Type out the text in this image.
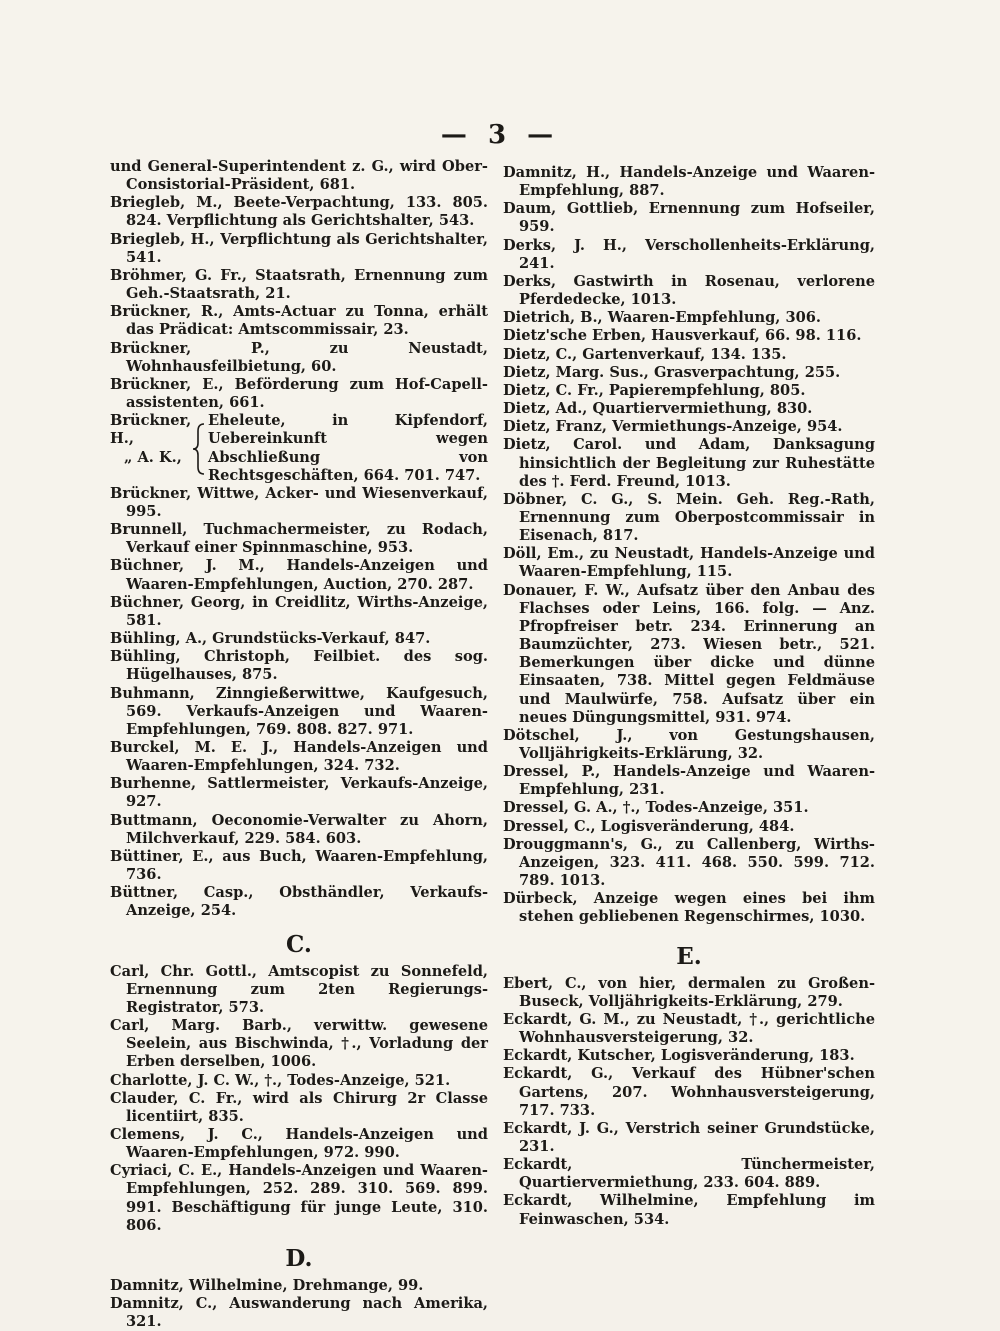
— 3 —

und General-Superintendent z. G., wird Ober-Consistorial-Präsident, 681.

Briegleb, M., Beete-Verpachtung, 133. 805. 824. Verpflichtung als Gerichtshalter, 543.

Briegleb, H., Verpflichtung als Gerichtshalter, 541.

Bröhmer, G. Fr., Staatsrath, Ernennung zum Geh.-Staatsrath, 21.

Brückner, R., Amts-Actuar zu Tonna, erhält das Prädicat: Amtscommissair, 23.

Brückner, P., zu Neustadt, Wohnhausfeilbietung, 60.

Brückner, E., Beförderung zum Hof-Capell-assistenten, 661.

Brückner, H.,
„ A. K.,
Eheleute, in Kipfendorf, Uebereinkunft wegen Abschließung von Rechtsgeschäften, 664. 701. 747.

Brückner, Wittwe, Acker- und Wiesenverkauf, 995.

Brunnell, Tuchmachermeister, zu Rodach, Verkauf einer Spinnmaschine, 953.

Büchner, J. M., Handels-Anzeigen und Waaren-Empfehlungen, Auction, 270. 287.

Büchner, Georg, in Creidlitz, Wirths-Anzeige, 581.

Bühling, A., Grundstücks-Verkauf, 847.

Bühling, Christoph, Feilbiet. des sog. Hügelhauses, 875.

Buhmann, Zinngießerwittwe, Kaufgesuch, 569. Verkaufs-Anzeigen und Waaren-Empfehlungen, 769. 808. 827. 971.

Burckel, M. E. J., Handels-Anzeigen und Waaren-Empfehlungen, 324. 732.

Burhenne, Sattlermeister, Verkaufs-Anzeige, 927.

Buttmann, Oeconomie-Verwalter zu Ahorn, Milchverkauf, 229. 584. 603.

Büttiner, E., aus Buch, Waaren-Empfehlung, 736.

Büttner, Casp., Obsthändler, Verkaufs-Anzeige, 254.

C.

Carl, Chr. Gottl., Amtscopist zu Sonnefeld, Ernennung zum 2ten Regierungs-Registrator, 573.

Carl, Marg. Barb., verwittw. gewesene Seelein, aus Bischwinda, †., Vorladung der Erben derselben, 1006.

Charlotte, J. C. W., †., Todes-Anzeige, 521.

Clauder, C. Fr., wird als Chirurg 2r Classe licentiirt, 835.

Clemens, J. C., Handels-Anzeigen und Waaren-Empfehlungen, 972. 990.

Cyriaci, C. E., Handels-Anzeigen und Waaren-Empfehlungen, 252. 289. 310. 569. 899. 991. Beschäftigung für junge Leute, 310. 806.

D.

Damnitz, Wilhelmine, Drehmange, 99.

Damnitz, C., Auswanderung nach Amerika, 321.

Damnitz, H., Handels-Anzeige und Waaren-Empfehlung, 887.

Daum, Gottlieb, Ernennung zum Hofseiler, 959.

Derks, J. H., Verschollenheits-Erklärung, 241.

Derks, Gastwirth in Rosenau, verlorene Pferdedecke, 1013.

Dietrich, B., Waaren-Empfehlung, 306.

Dietz'sche Erben, Hausverkauf, 66. 98. 116.

Dietz, C., Gartenverkauf, 134. 135.

Dietz, Marg. Sus., Grasverpachtung, 255.

Dietz, C. Fr., Papierempfehlung, 805.

Dietz, Ad., Quartiervermiethung, 830.

Dietz, Franz, Vermiethungs-Anzeige, 954.

Dietz, Carol. und Adam, Danksagung hinsichtlich der Begleitung zur Ruhestätte des †. Ferd. Freund, 1013.

Döbner, C. G., S. Mein. Geh. Reg.-Rath, Ernennung zum Oberpostcommissair in Eisenach, 817.

Döll, Em., zu Neustadt, Handels-Anzeige und Waaren-Empfehlung, 115.

Donauer, F. W., Aufsatz über den Anbau des Flachses oder Leins, 166. folg. — Anz. Pfropfreiser betr. 234. Erinnerung an Baumzüchter, 273. Wiesen betr., 521. Bemerkungen über dicke und dünne Einsaaten, 738. Mittel gegen Feldmäuse und Maulwürfe, 758. Aufsatz über ein neues Düngungsmittel, 931. 974.

Dötschel, J., von Gestungshausen, Volljährigkeits-Erklärung, 32.

Dressel, P., Handels-Anzeige und Waaren-Empfehlung, 231.

Dressel, G. A., †., Todes-Anzeige, 351.

Dressel, C., Logisveränderung, 484.

Drouggmann's, G., zu Callenberg, Wirths-Anzeigen, 323. 411. 468. 550. 599. 712. 789. 1013.

Dürbeck, Anzeige wegen eines bei ihm stehen gebliebenen Regenschirmes, 1030.

E.

Ebert, C., von hier, dermalen zu Großen-Buseck, Volljährigkeits-Erklärung, 279.

Eckardt, G. M., zu Neustadt, †., gerichtliche Wohnhausversteigerung, 32.

Eckardt, Kutscher, Logisveränderung, 183.

Eckardt, G., Verkauf des Hübner'schen Gartens, 207. Wohnhausversteigerung, 717. 733.

Eckardt, J. G., Verstrich seiner Grundstücke, 231.

Eckardt, Tünchermeister, Quartiervermiethung, 233. 604. 889.

Eckardt, Wilhelmine, Empfehlung im Feinwaschen, 534.
